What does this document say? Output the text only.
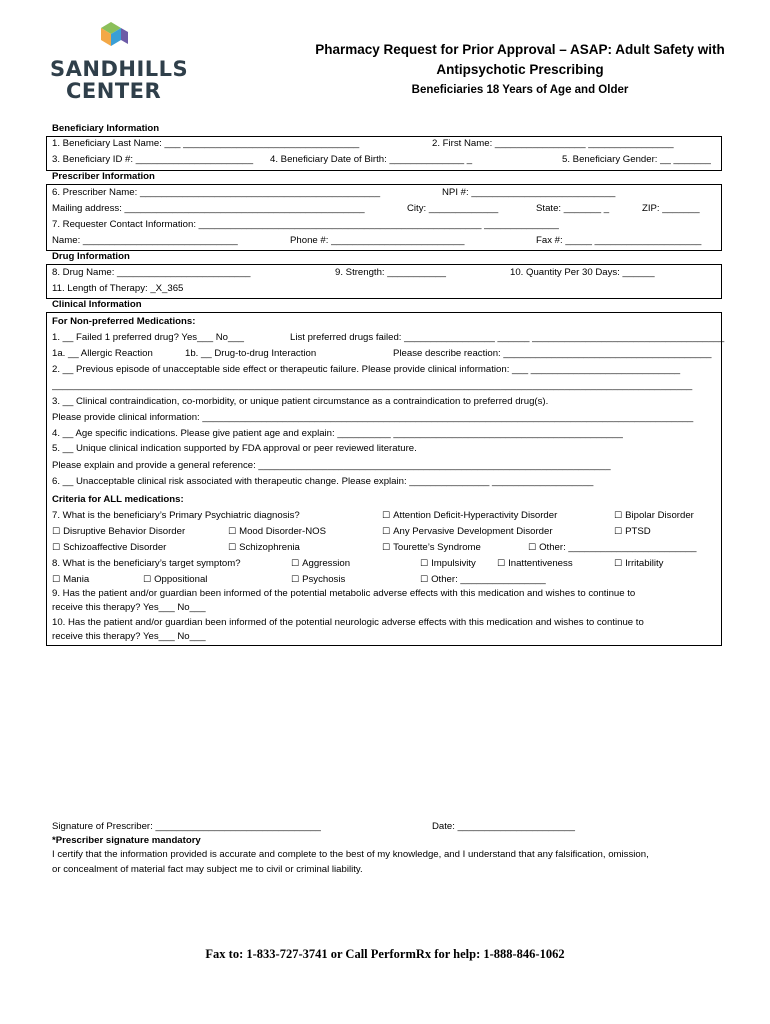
SANDHILLS
CENTER
Pharmacy Request for Prior Approval – ASAP: Adult Safety with
Antipsychotic Prescribing
Beneficiaries 18 Years of Age and Older
Beneficiary Information
1. Beneficiary Last Name: ___ _________________________________	2. First Name: _________________ ________________
3. Beneficiary ID #: ______________________ 4. Beneficiary Date of Birth: ______________ _	5. Beneficiary Gender: __ _______
Prescriber Information
6. Prescriber Name: _____________________________________________	NPI #: ___________________________
Mailing address: _____________________________________________	City: _____________	State: _______ _	ZIP: _______
7. Requester Contact Information: _____________________________________________________ ______________
Name: _____________________________	Phone #: _________________________	Fax #: _____ ____________________
Drug Information
8. Drug Name: _________________________	9. Strength: ___________	10. Quantity Per 30 Days: ______
11. Length of Therapy: _X_365
Clinical Information
For Non-preferred Medications:
1. __ Failed 1 preferred drug? Yes___ No___	List preferred drugs failed: _________________ ______ ____________________________________
1a. __ Allergic Reaction	1b. __ Drug-to-drug Interaction	Please describe reaction: _______________________________________
2. __ Previous episode of unacceptable side effect or therapeutic failure. Please provide clinical information: ___ ____________________________
________________________________________________________________________________________________________________________
3. __ Clinical contraindication, co-morbidity, or unique patient circumstance as a contraindication to preferred drug(s).
Please provide clinical information: ____________________________________________________________________________________________
4. __ Age specific indications. Please give patient age and explain: __________ ___________________________________________
5. __ Unique clinical indication supported by FDA approval or peer reviewed literature.
Please explain and provide a general reference: __________________________________________________________________
6. __ Unacceptable clinical risk associated with therapeutic change. Please explain: _______________ ___________________
Criteria for ALL medications:
7. What is the beneficiary’s Primary Psychiatric diagnosis?	☐ Attention Deficit-Hyperactivity Disorder	☐ Bipolar Disorder
☐ Disruptive Behavior Disorder	☐ Mood Disorder-NOS	☐ Any Pervasive Development Disorder	☐ PTSD
☐ Schizoaffective Disorder	☐ Schizophrenia	☐ Tourette’s Syndrome	☐ Other: ________________________
8. What is the beneficiary’s target symptom?	☐ Aggression	☐ Impulsivity	☐ Inattentiveness	☐ Irritability
☐ Mania	☐ Oppositional	☐ Psychosis	☐ Other: ________________
9. Has the patient and/or guardian been informed of the potential metabolic adverse effects with this medication and wishes to continue to
receive this therapy? Yes___ No___
10. Has the patient and/or guardian been informed of the potential neurologic adverse effects with this medication and wishes to continue to
receive this therapy? Yes___ No___
Signature of Prescriber: _______________________________	Date: ______________________
*Prescriber signature mandatory
I certify that the information provided is accurate and complete to the best of my knowledge, and I understand that any falsification, omission,
or concealment of material fact may subject me to civil or criminal liability.
Fax to: 1-833-727-3741 or Call PerformRx for help: 1-888-846-1062
